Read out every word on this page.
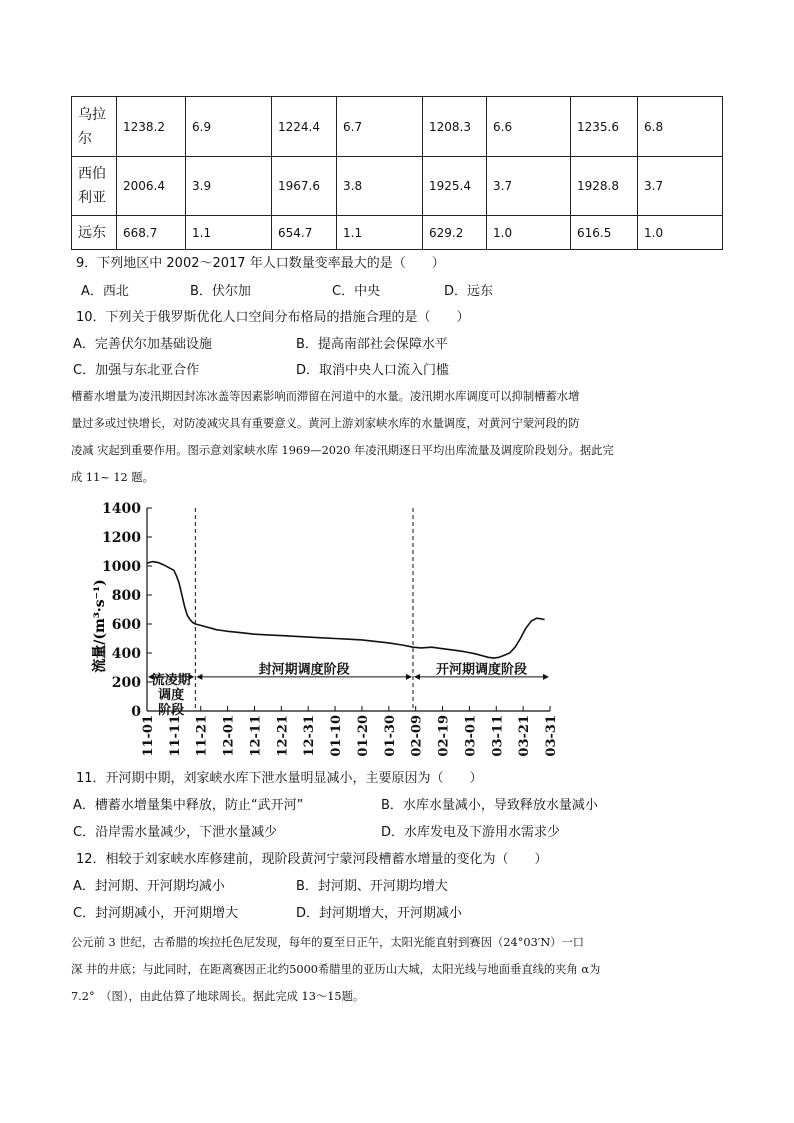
乌拉
尔	1238.2	6.9	1224.4	6.7	1208.3	6.6	1235.6	6.8
西伯
利亚	2006.4	3.9	1967.6	3.8	1925.4	3.7	1928.8	3.7
远东	668.7	1.1	654.7	1.1	629.2	1.0	616.5	1.0
9．下列地区中 2002～2017 年人口数量变率最大的是（　　）
A．西北	B．伏尔加	C．中央	D．远东
10．下列关于俄罗斯优化人口空间分布格局的措施合理的是（　　）
A．完善伏尔加基础设施	B．提高南部社会保障水平
C．加强与东北亚合作	D．取消中央人口流入门槛
槽蓄水增量为凌汛期因封冻冰盖等因素影响而滞留在河道中的水量。凌汛期水库调度可以抑制槽蓄水增
量过多或过快增长，对防凌减灾具有重要意义。黄河上游刘家峡水库的水量调度，对黄河宁蒙河段的防
凌减 灾起到重要作用。图示意刘家峡水库 1969—2020 年凌汛期逐日平均出库流量及调度阶段划分。据此完
成 11~ 12 题。
0
200
400
600
800
1000
1200
1400
11-01 11-11 11-21 12-01 12-11 12-21 12-31 01-10 01-20 01-30 02-09 02-19 03-01 03-11 03-21 03-31
流凌期
调度
阶段
封河期调度阶段	开河期调度阶段
流量/(m³·s⁻¹)
11．开河期中期，刘家峡水库下泄水量明显减小，主要原因为（　　）
A．槽蓄水增量集中释放，防止“武开河”	B．水库水量减小，导致释放水量减小
C．沿岸需水量减少，下泄水量减少	D．水库发电及下游用水需求少
12．相较于刘家峡水库修建前，现阶段黄河宁蒙河段槽蓄水增量的变化为（　　）
A．封河期、开河期均减小	B．封河期、开河期均增大
C．封河期减小，开河期增大	D．封河期增大，开河期减小
公元前 3 世纪，古希腊的埃拉托色尼发现，每年的夏至日正午，太阳光能直射到赛因（24°03′N）一口
深 井的井底；与此同时，在距离赛因正北约5000希腊里的亚历山大城，太阳光线与地面垂直线的夹角 α为
7.2°　（图），由此估算了地球周长。据此完成 13～15题。
